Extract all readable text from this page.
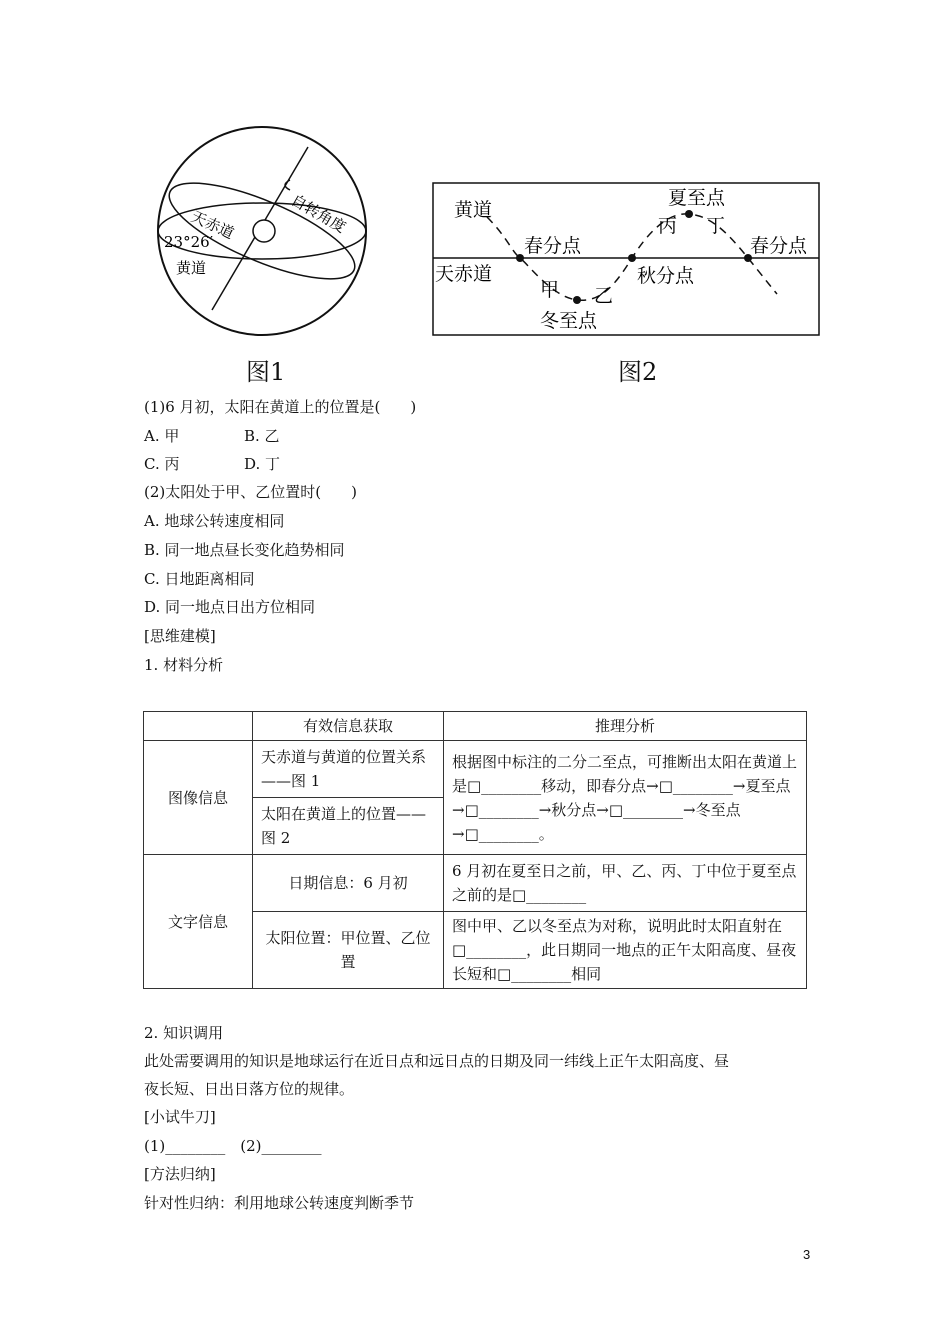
天赤道
23°26′
黄道
自转角度
图1
黄道
天赤道
春分点
甲 乙
冬至点
秋分点
丙
夏至点
丁
春分点
图2
(1)6 月初，太阳在黄道上的位置是(　　)
A. 甲	B. 乙
C. 丙	D. 丁
(2)太阳处于甲、乙位置时(　　)
A. 地球公转速度相同
B. 同一地点昼长变化趋势相同
C. 日地距离相同
D. 同一地点日出方位相同
[思维建模]
1. 材料分析
	有效信息获取	推理分析
图像信息	天赤道与黄道的位置关系——图 1	根据图中标注的二分二至点，可推断出太阳在黄道上是□________移动，即春分点→□________→夏至点→□________→秋分点→□________→冬至点→□________。
	太阳在黄道上的位置——图 2	
文字信息	日期信息：6 月初	6 月初在夏至日之前，甲、乙、丙、丁中位于夏至点之前的是□________
	太阳位置：甲位置、乙位置	图中甲、乙以冬至点为对称，说明此时太阳直射在□________，此日期同一地点的正午太阳高度、昼夜长短和□________相同
2. 知识调用
此处需要调用的知识是地球运行在近日点和远日点的日期及同一纬线上正午太阳高度、昼
夜长短、日出日落方位的规律。
[小试牛刀]
(1)________　(2)________
[方法归纳]
针对性归纳：利用地球公转速度判断季节
3
